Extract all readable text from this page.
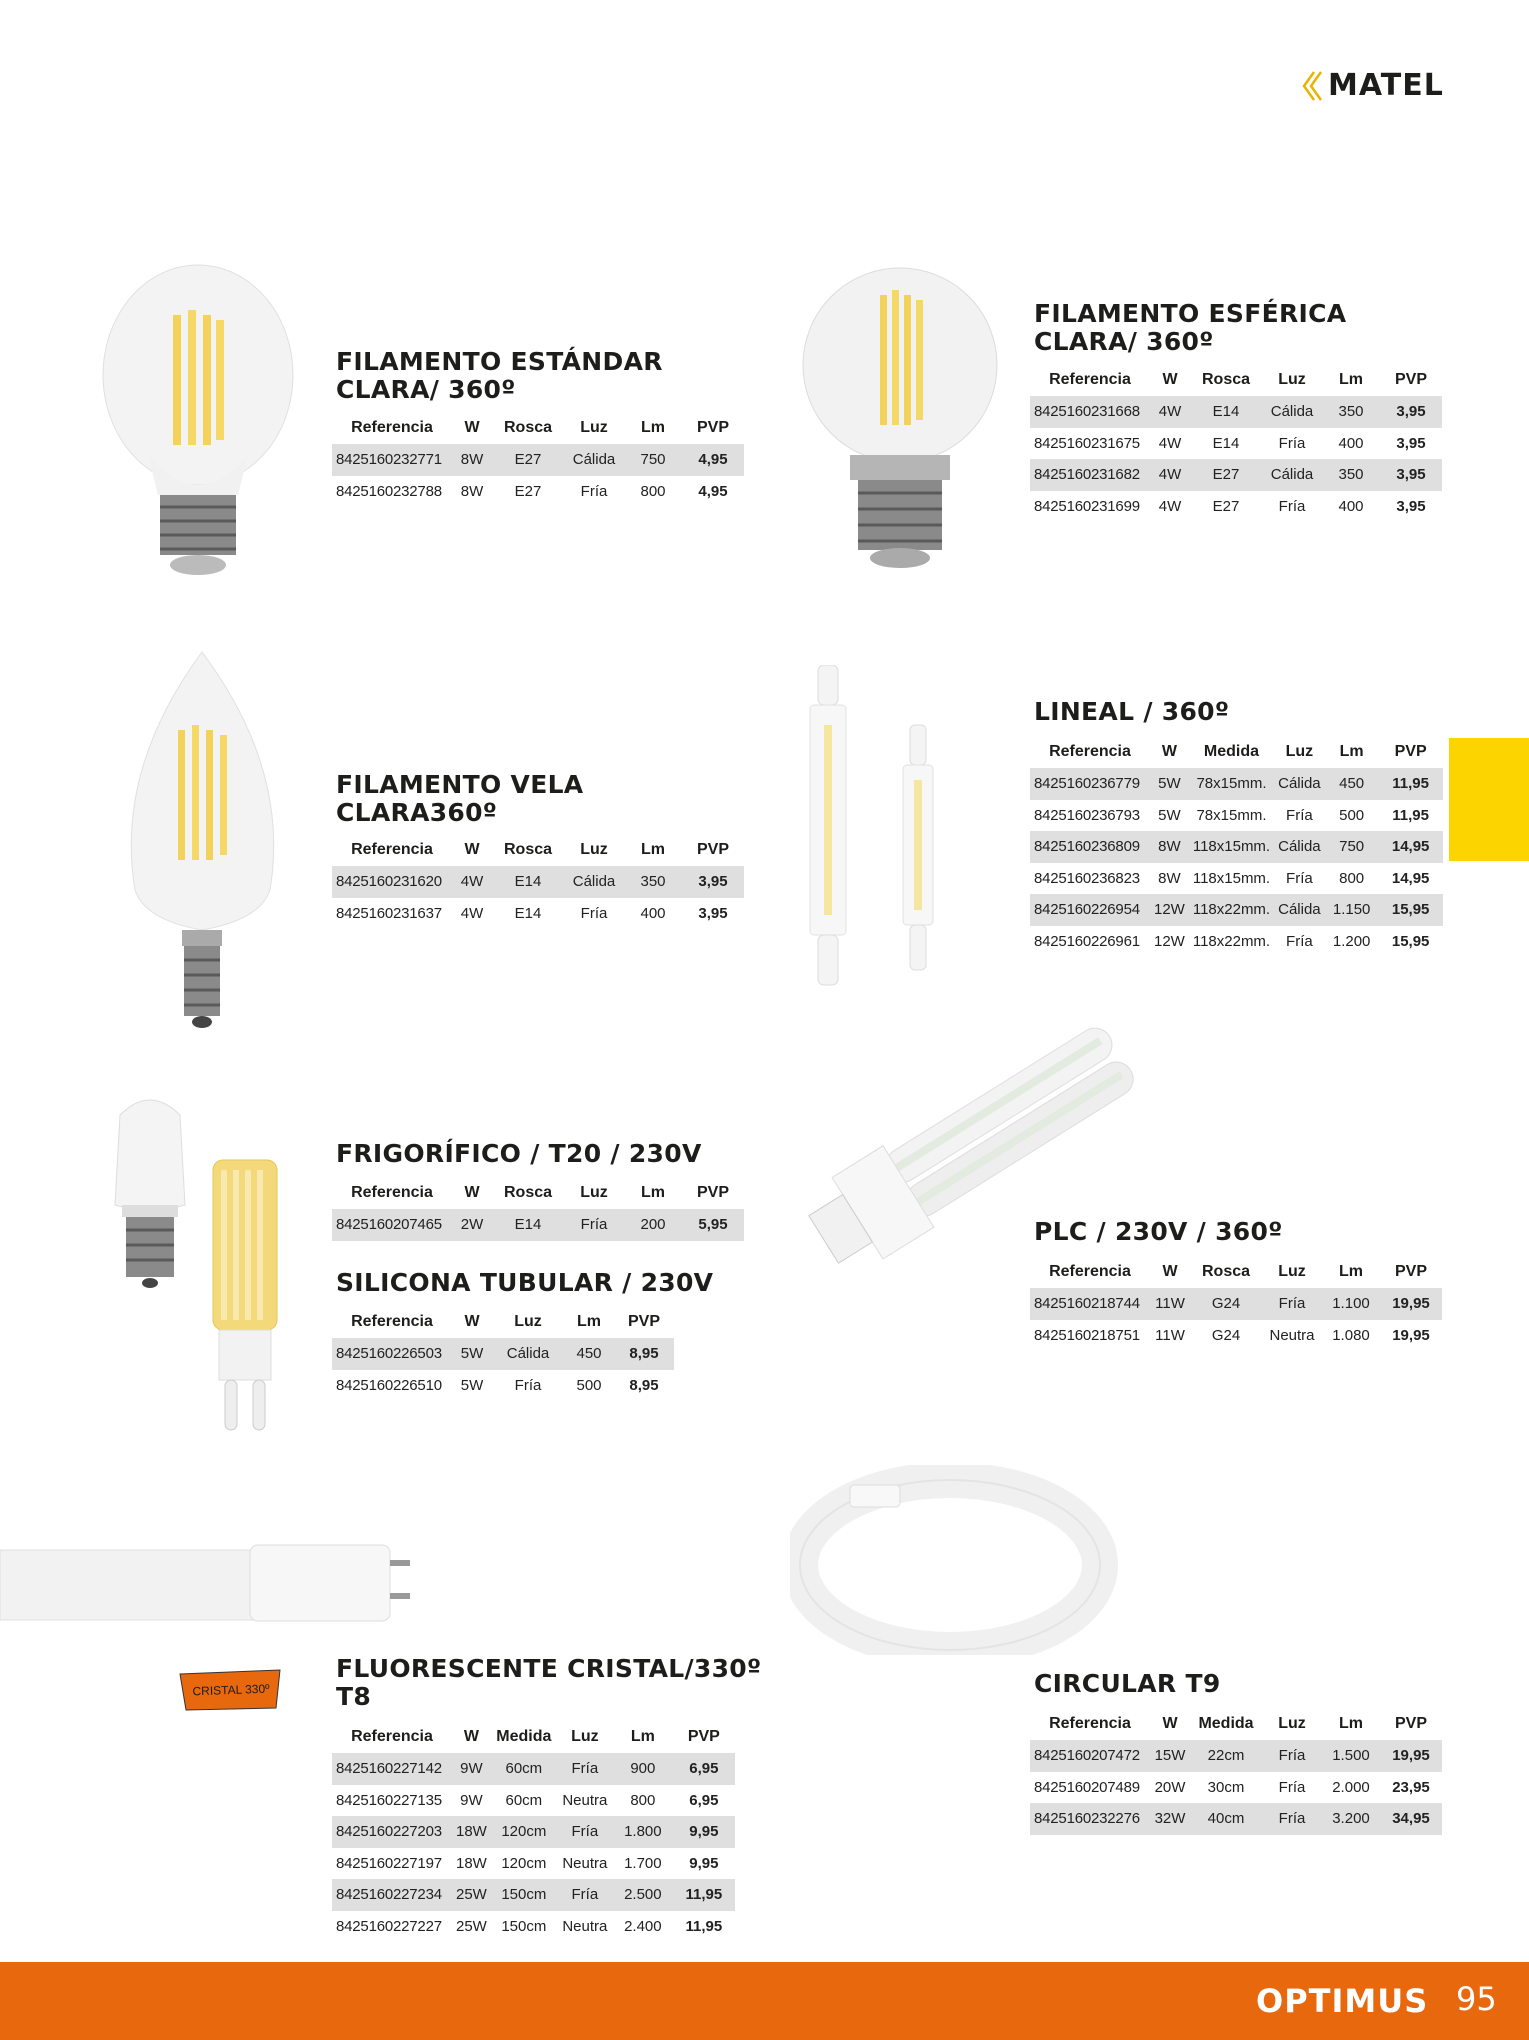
MATEL
CRISTAL 330º
FILAMENTO ESTÁNDAR
CLARA/ 360º
FILAMENTO ESFÉRICA
CLARA/ 360º
FILAMENTO VELA
CLARA360º
LINEAL / 360º
FRIGORÍFICO / T20 / 230V
SILICONA TUBULAR / 230V
PLC / 230V / 360º
FLUORESCENTE CRISTAL/330º
T8	CIRCULAR T9
Referencia	W	Rosca	Luz	Lm	PVP
8425160232771	8W	E27	Cálida	750	4,95
8425160232788	8W	E27	Fría	800	4,95
Referencia	W	Rosca	Luz	Lm	PVP
8425160231668	4W	E14	Cálida	350	3,95
8425160231675	4W	E14	Fría	400	3,95
8425160231682	4W	E27	Cálida	350	3,95
8425160231699	4W	E27	Fría	400	3,95
Referencia	W	Rosca	Luz	Lm	PVP
8425160231620	4W	E14	Cálida	350	3,95
8425160231637	4W	E14	Fría	400	3,95
Referencia	W	Medida	Luz	Lm	PVP
8425160236779	5W	78x15mm.	Cálida	450	11,95
8425160236793	5W	78x15mm.	Fría	500	11,95
8425160236809	8W	118x15mm.	Cálida	750	14,95
8425160236823	8W	118x15mm.	Fría	800	14,95
8425160226954	12W	118x22mm.	Cálida	1.150	15,95
8425160226961	12W	118x22mm.	Fría	1.200	15,95
Referencia	W	Rosca	Luz	Lm	PVP
8425160207465	2W	E14	Fría	200	5,95
Referencia	W	Luz	Lm	PVP
8425160226503	5W	Cálida	450	8,95
8425160226510	5W	Fría	500	8,95
Referencia	W	Rosca	Luz	Lm	PVP
8425160218744	11W	G24	Fría	1.100	19,95
8425160218751	11W	G24	Neutra	1.080	19,95
Referencia	W	Medida	Luz	Lm	PVP
8425160227142	9W	60cm	Fría	900	6,95
8425160227135	9W	60cm	Neutra	800	6,95
8425160227203	18W	120cm	Fría	1.800	9,95
8425160227197	18W	120cm	Neutra	1.700	9,95
8425160227234	25W	150cm	Fría	2.500	11,95
8425160227227	25W	150cm	Neutra	2.400	11,95
Referencia	W	Medida	Luz	Lm	PVP
8425160207472	15W	22cm	Fría	1.500	19,95
8425160207489	20W	30cm	Fría	2.000	23,95
8425160232276	32W	40cm	Fría	3.200	34,95
OPTIMUS 95
